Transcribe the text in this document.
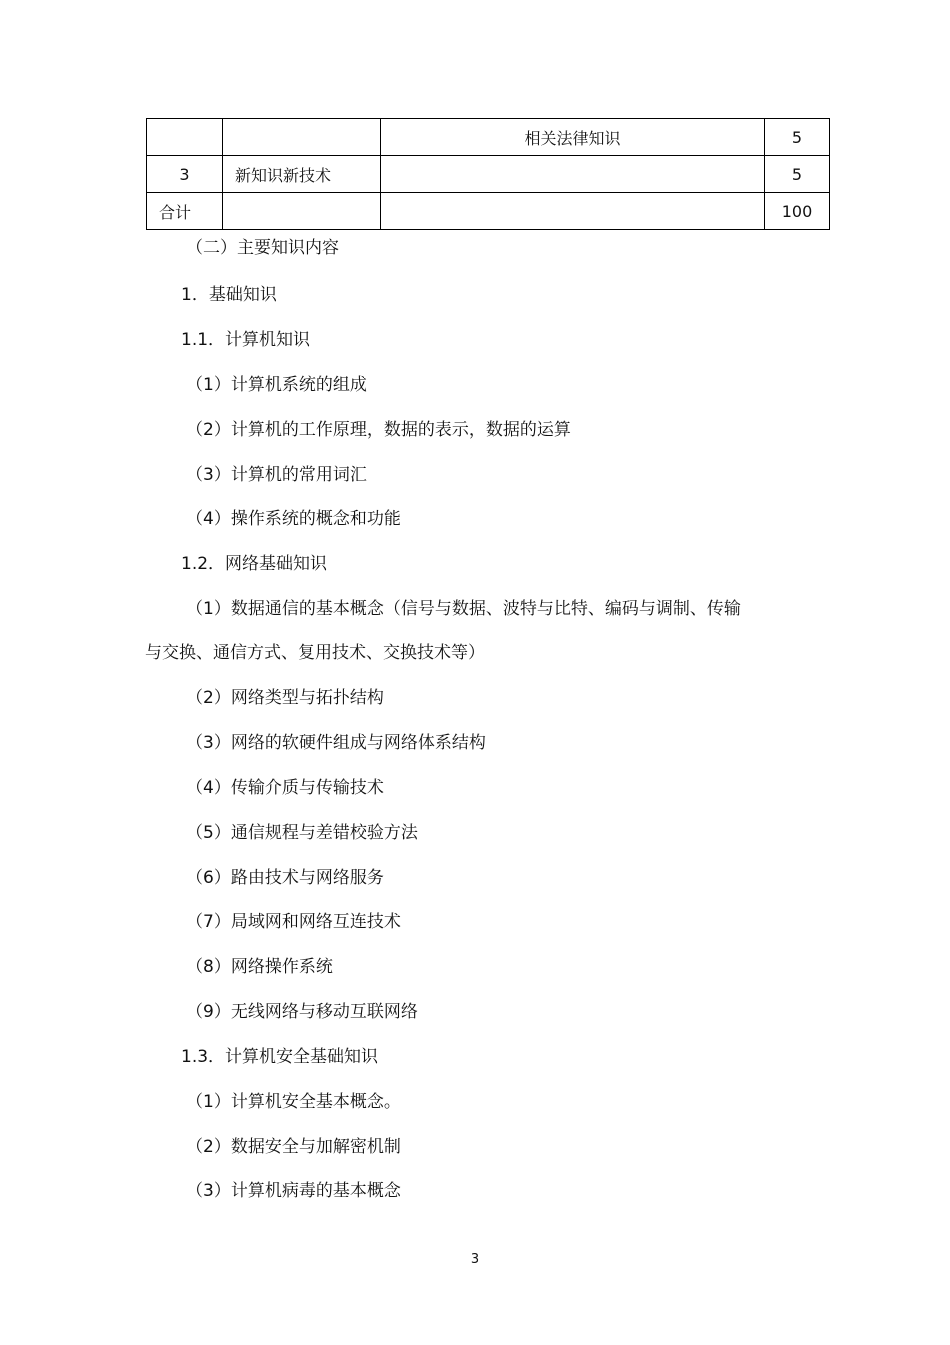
		相关法律知识	5
3	新知识新技术		5
合计			100
（二）主要知识内容
1．基础知识
1.1．计算机知识
（1）计算机系统的组成
（2）计算机的工作原理，数据的表示，数据的运算
（3）计算机的常用词汇
（4）操作系统的概念和功能
1.2．网络基础知识
（1）数据通信的基本概念（信号与数据、波特与比特、编码与调制、传输
与交换、通信方式、复用技术、交换技术等）
（2）网络类型与拓扑结构
（3）网络的软硬件组成与网络体系结构
（4）传输介质与传输技术
（5）通信规程与差错校验方法
（6）路由技术与网络服务
（7）局域网和网络互连技术
（8）网络操作系统
（9）无线网络与移动互联网络
1.3．计算机安全基础知识
（1）计算机安全基本概念。
（2）数据安全与加解密机制
（3）计算机病毒的基本概念
3
